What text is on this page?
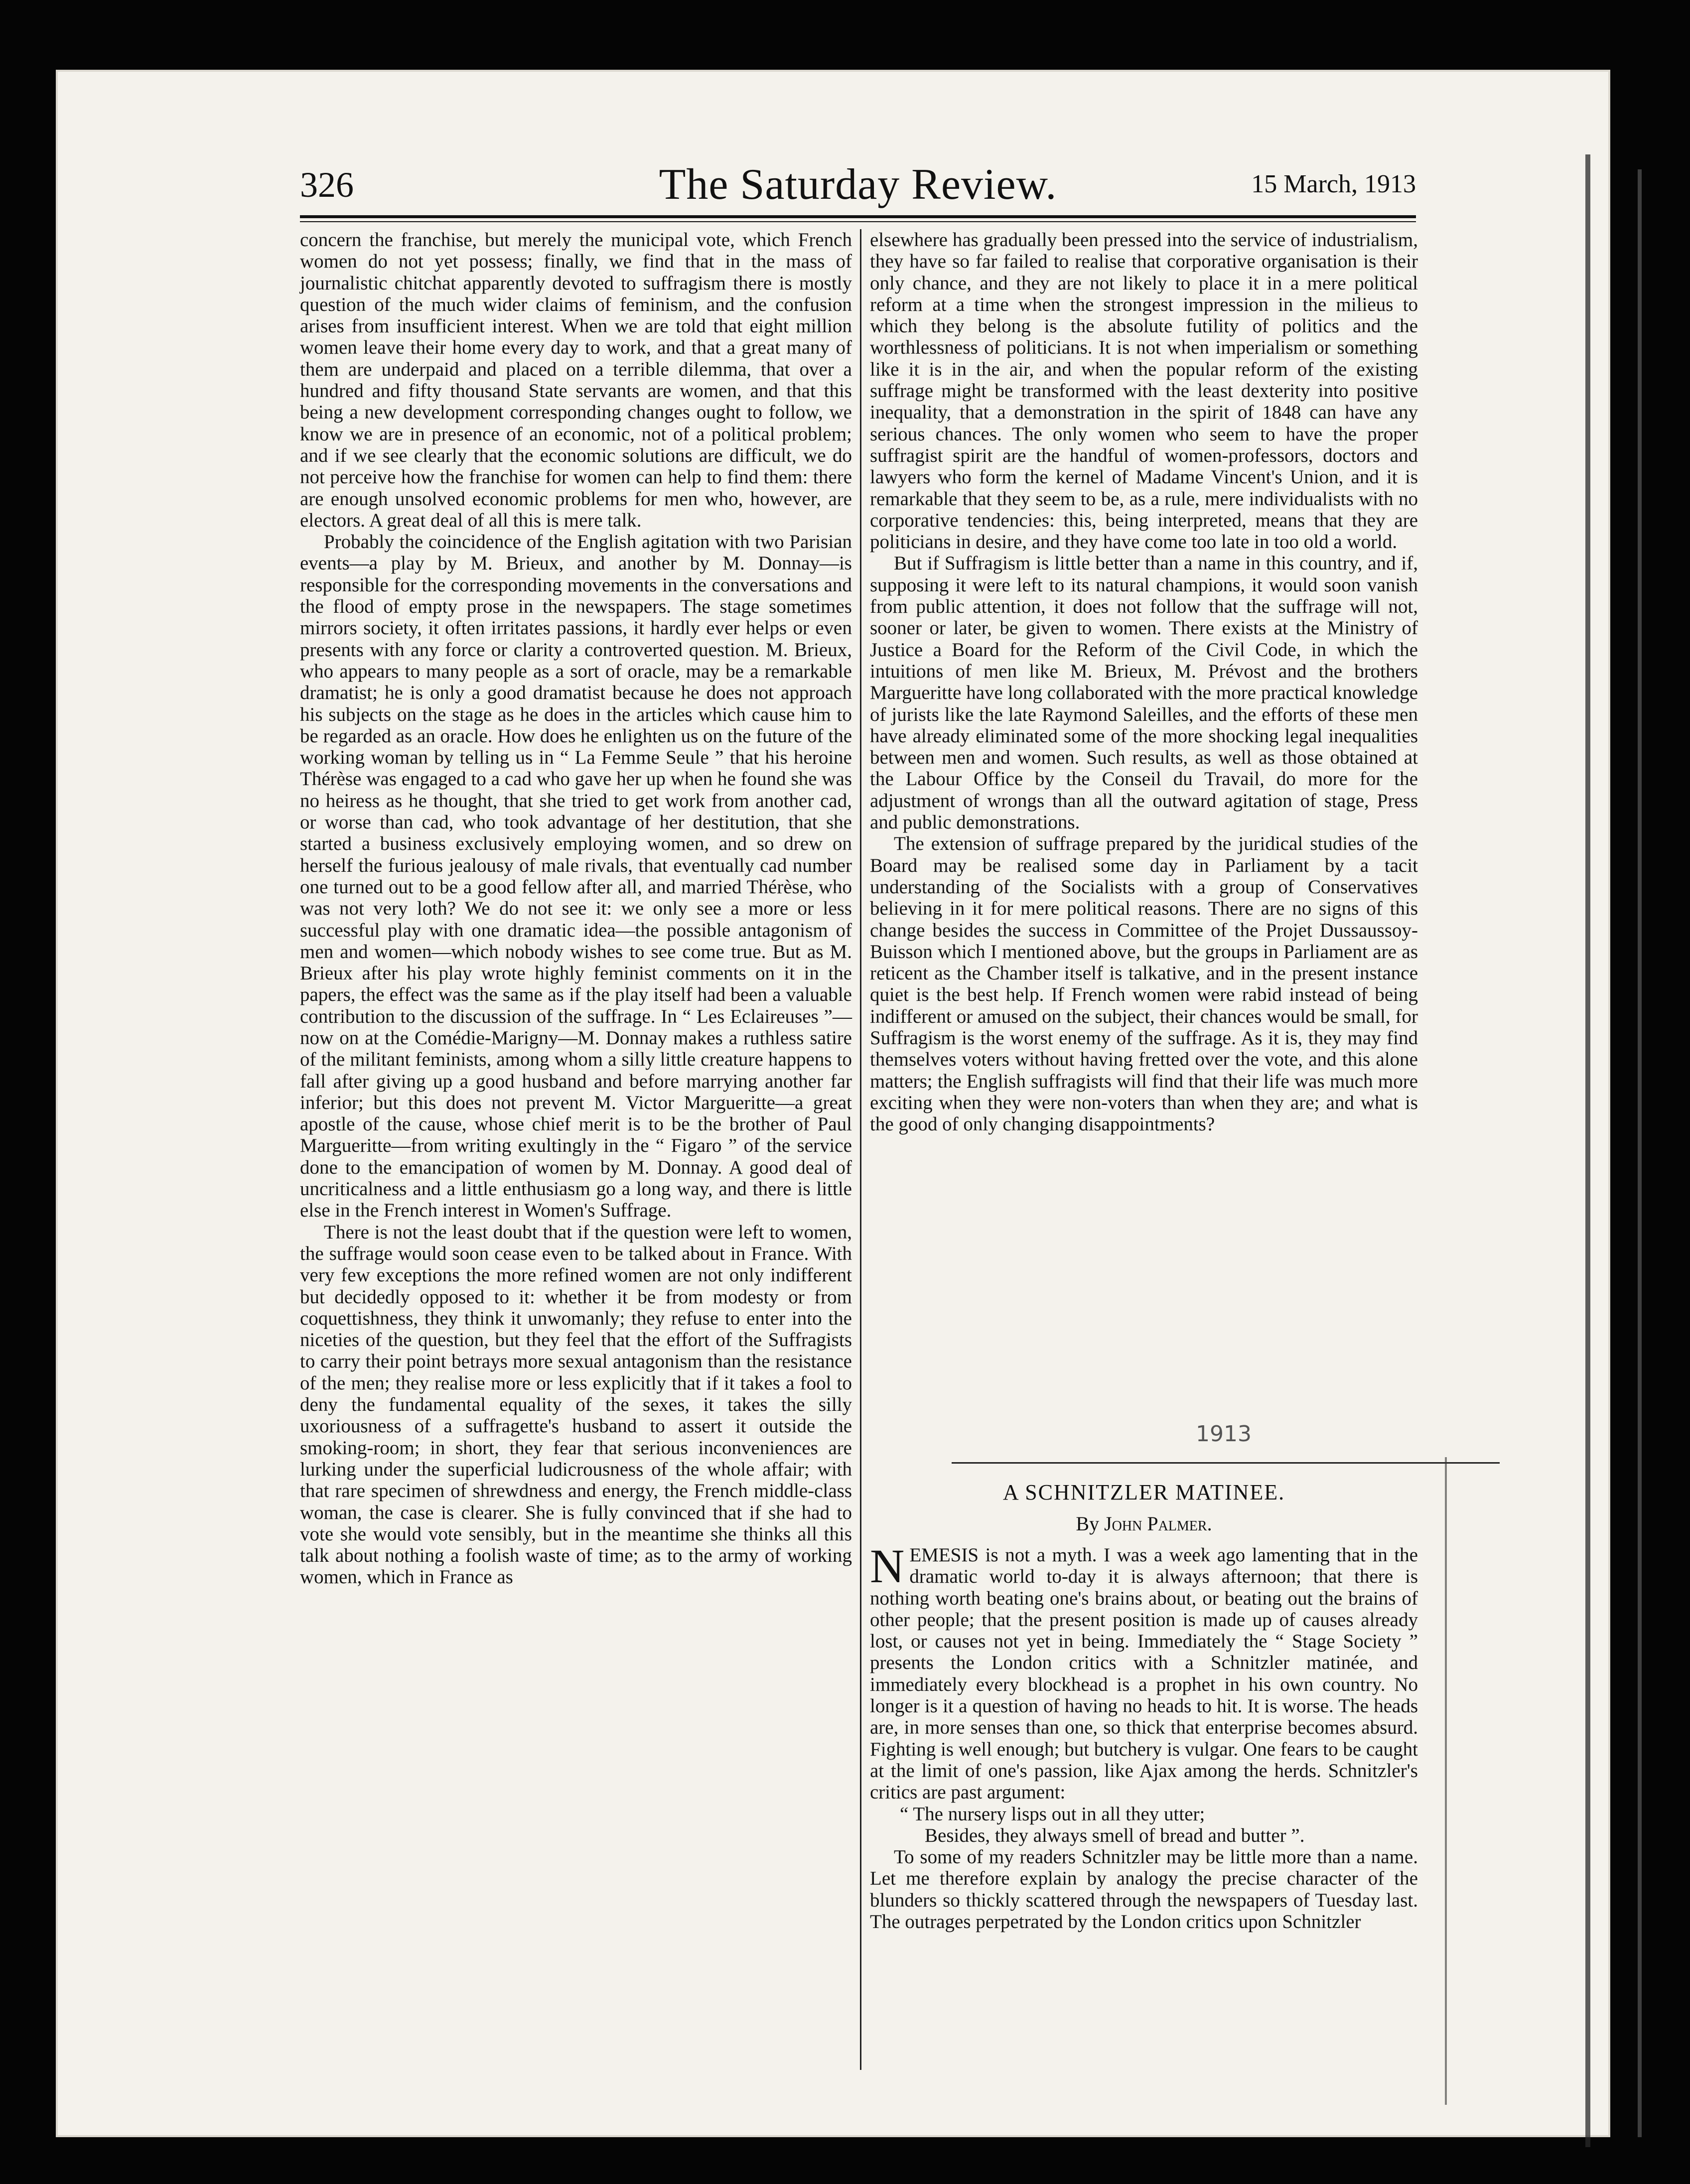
326	The Saturday Review.	15 March, 1913

concern the franchise, but merely the municipal vote, which French women do not yet possess; finally, we find that in the mass of journalistic chitchat apparently devoted to suffragism there is mostly question of the much wider claims of feminism, and the confusion arises from insufficient interest. When we are told that eight million women leave their home every day to work, and that a great many of them are underpaid and placed on a terrible dilemma, that over a hundred and fifty thousand State servants are women, and that this being a new development corresponding changes ought to follow, we know we are in presence of an economic, not of a political problem; and if we see clearly that the economic solutions are difficult, we do not perceive how the franchise for women can help to find them: there are enough unsolved economic problems for men who, however, are electors. A great deal of all this is mere talk.

Probably the coincidence of the English agitation with two Parisian events—a play by M. Brieux, and another by M. Donnay—is responsible for the corresponding movements in the conversations and the flood of empty prose in the newspapers. The stage sometimes mirrors society, it often irritates passions, it hardly ever helps or even presents with any force or clarity a controverted question. M. Brieux, who appears to many people as a sort of oracle, may be a remarkable dramatist; he is only a good dramatist because he does not approach his subjects on the stage as he does in the articles which cause him to be regarded as an oracle. How does he enlighten us on the future of the working woman by telling us in “ La Femme Seule ” that his heroine Thérèse was engaged to a cad who gave her up when he found she was no heiress as he thought, that she tried to get work from another cad, or worse than cad, who took advantage of her destitution, that she started a business exclusively employing women, and so drew on herself the furious jealousy of male rivals, that eventually cad number one turned out to be a good fellow after all, and married Thérèse, who was not very loth? We do not see it: we only see a more or less successful play with one dramatic idea—the possible antagonism of men and women—which nobody wishes to see come true. But as M. Brieux after his play wrote highly feminist comments on it in the papers, the effect was the same as if the play itself had been a valuable contribution to the discussion of the suffrage. In “ Les Eclaireuses ”—now on at the Comédie-Marigny—M. Donnay makes a ruthless satire of the militant feminists, among whom a silly little creature happens to fall after giving up a good husband and before marrying another far inferior; but this does not prevent M. Victor Margueritte—a great apostle of the cause, whose chief merit is to be the brother of Paul Margueritte—from writing exultingly in the “ Figaro ” of the service done to the emancipation of women by M. Donnay. A good deal of uncriticalness and a little enthusiasm go a long way, and there is little else in the French interest in Women's Suffrage.

There is not the least doubt that if the question were left to women, the suffrage would soon cease even to be talked about in France. With very few exceptions the more refined women are not only indifferent but decidedly opposed to it: whether it be from modesty or from coquettishness, they think it unwomanly; they refuse to enter into the niceties of the question, but they feel that the effort of the Suffragists to carry their point betrays more sexual antagonism than the resistance of the men; they realise more or less explicitly that if it takes a fool to deny the fundamental equality of the sexes, it takes the silly uxoriousness of a suffragette's husband to assert it outside the smoking-room; in short, they fear that serious inconveniences are lurking under the superficial ludicrousness of the whole affair; with that rare specimen of shrewdness and energy, the French middle-class woman, the case is clearer. She is fully convinced that if she had to vote she would vote sensibly, but in the meantime she thinks all this talk about nothing a foolish waste of time; as to the army of working women, which in France as

elsewhere has gradually been pressed into the service of industrialism, they have so far failed to realise that corporative organisation is their only chance, and they are not likely to place it in a mere political reform at a time when the strongest impression in the milieus to which they belong is the absolute futility of politics and the worthlessness of politicians. It is not when imperialism or something like it is in the air, and when the popular reform of the existing suffrage might be transformed with the least dexterity into positive inequality, that a demonstration in the spirit of 1848 can have any serious chances. The only women who seem to have the proper suffragist spirit are the handful of women-professors, doctors and lawyers who form the kernel of Madame Vincent's Union, and it is remarkable that they seem to be, as a rule, mere individualists with no corporative tendencies: this, being interpreted, means that they are politicians in desire, and they have come too late in too old a world.

But if Suffragism is little better than a name in this country, and if, supposing it were left to its natural champions, it would soon vanish from public attention, it does not follow that the suffrage will not, sooner or later, be given to women. There exists at the Ministry of Justice a Board for the Reform of the Civil Code, in which the intuitions of men like M. Brieux, M. Prévost and the brothers Margueritte have long collaborated with the more practical knowledge of jurists like the late Raymond Saleilles, and the efforts of these men have already eliminated some of the more shocking legal inequalities between men and women. Such results, as well as those obtained at the Labour Office by the Conseil du Travail, do more for the adjustment of wrongs than all the outward agitation of stage, Press and public demonstrations.

The extension of suffrage prepared by the juridical studies of the Board may be realised some day in Parliament by a tacit understanding of the Socialists with a group of Conservatives believing in it for mere political reasons. There are no signs of this change besides the success in Committee of the Projet Dussaussoy-Buisson which I mentioned above, but the groups in Parliament are as reticent as the Chamber itself is talkative, and in the present instance quiet is the best help. If French women were rabid instead of being indifferent or amused on the subject, their chances would be small, for Suffragism is the worst enemy of the suffrage. As it is, they may find themselves voters without having fretted over the vote, and this alone matters; the English suffragists will find that their life was much more exciting when they were non-voters than when they are; and what is the good of only changing disappointments?

1913
A SCHNITZLER MATINEE.
By John Palmer.

NEMESIS is not a myth. I was a week ago lamenting that in the dramatic world to-day it is always afternoon; that there is nothing worth beating one's brains about, or beating out the brains of other people; that the present position is made up of causes already lost, or causes not yet in being. Immediately the “ Stage Society ” presents the London critics with a Schnitzler matinée, and immediately every blockhead is a prophet in his own country. No longer is it a question of having no heads to hit. It is worse. The heads are, in more senses than one, so thick that enterprise becomes absurd. Fighting is well enough; but butchery is vulgar. One fears to be caught at the limit of one's passion, like Ajax among the herds. Schnitzler's critics are past argument:

“ The nursery lisps out in all they utter;

Besides, they always smell of bread and butter ”.

To some of my readers Schnitzler may be little more than a name. Let me therefore explain by analogy the precise character of the blunders so thickly scattered through the newspapers of Tuesday last. The outrages perpetrated by the London critics upon Schnitzler
